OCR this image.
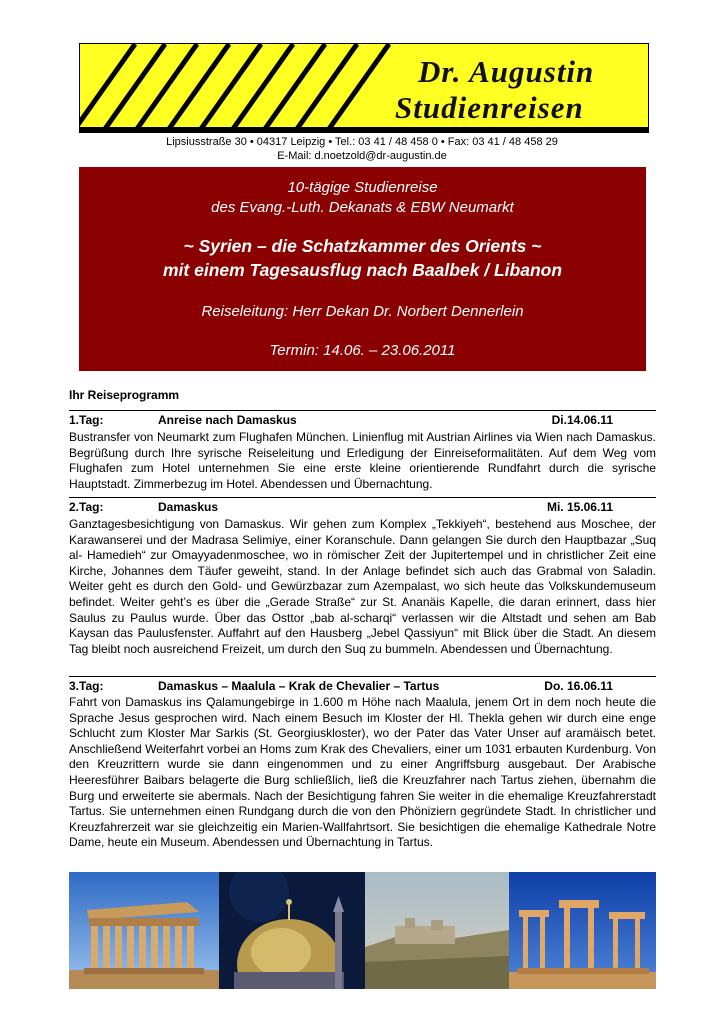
Dr. Augustin
Studienreisen
Lipsiusstraße 30 • 04317 Leipzig • Tel.: 03 41 / 48 458 0 • Fax: 03 41 / 48 458 29
E-Mail: d.noetzold@dr-augustin.de
10-tägige Studienreise
des Evang.-Luth. Dekanats & EBW Neumarkt
~ Syrien – die Schatzkammer des Orients ~
mit einem Tagesausflug nach Baalbek / Libanon
Reiseleitung: Herr Dekan Dr. Norbert Dennerlein
Termin: 14.06. – 23.06.2011
Ihr Reiseprogramm
1.Tag:	Anreise nach Damaskus	Di.14.06.11
Bustransfer von Neumarkt zum Flughafen München. Linienflug mit Austrian Airlines via Wien nach Damaskus. Begrüßung durch Ihre syrische Reiseleitung und Erledigung der Einreiseformalitäten. Auf dem Weg vom Flughafen zum Hotel unternehmen Sie eine erste kleine orientierende Rundfahrt durch die syrische Hauptstadt. Zimmerbezug im Hotel. Abendessen und Übernachtung.
2.Tag:	Damaskus	Mi. 15.06.11
Ganztagesbesichtigung von Damaskus. Wir gehen zum Komplex „Tekkiyeh“, bestehend aus Moschee, der Karawanserei und der Madrasa Selimiye, einer Koranschule. Dann gelangen Sie durch den Hauptbazar „Suq al- Hamedieh“ zur Omayyadenmoschee, wo in römischer Zeit der Jupitertempel und in christlicher Zeit eine Kirche, Johannes dem Täufer geweiht, stand. In der Anlage befindet sich auch das Grabmal von Saladin. Weiter geht es durch den Gold- und Gewürzbazar zum Azempalast, wo sich heute das Volkskundemuseum befindet. Weiter geht’s es über die „Gerade Straße“ zur St. Ananäis Kapelle, die daran erinnert, dass hier Saulus zu Paulus wurde. Über das Osttor „bab al-scharqi“ verlassen wir die Altstadt und sehen am Bab Kaysan das Paulusfenster. Auffahrt auf den Hausberg „Jebel Qassiyun“ mit Blick über die Stadt. An diesem Tag bleibt noch ausreichend Freizeit, um durch den Suq zu bummeln. Abendessen und Übernachtung.
3.Tag:	Damaskus – Maalula – Krak de Chevalier – Tartus	Do. 16.06.11
Fahrt von Damaskus ins Qalamungebirge in 1.600 m Höhe nach Maalula, jenem Ort in dem noch heute die Sprache Jesus gesprochen wird. Nach einem Besuch im Kloster der Hl. Thekla gehen wir durch eine enge Schlucht zum Kloster Mar Sarkis (St. Georgiuskloster), wo der Pater das Vater Unser auf aramäisch betet. Anschließend Weiterfahrt vorbei an Homs zum Krak des Chevaliers, einer um 1031 erbauten Kurdenburg. Von den Kreuzrittern wurde sie dann eingenommen und zu einer Angriffsburg ausgebaut. Der Arabische Heeresführer Baibars belagerte die Burg schließlich, ließ die Kreuzfahrer nach Tartus ziehen, übernahm die Burg und erweiterte sie abermals. Nach der Besichtigung fahren Sie weiter in die ehemalige Kreuzfahrerstadt Tartus. Sie unternehmen einen Rundgang durch die von den Phöniziern gegründete Stadt. In christlicher und Kreuzfahrerzeit war sie gleichzeitig ein Marien-Wallfahrtsort. Sie besichtigen die ehemalige Kathedrale Notre Dame, heute ein Museum. Abendessen und Übernachtung in Tartus.
